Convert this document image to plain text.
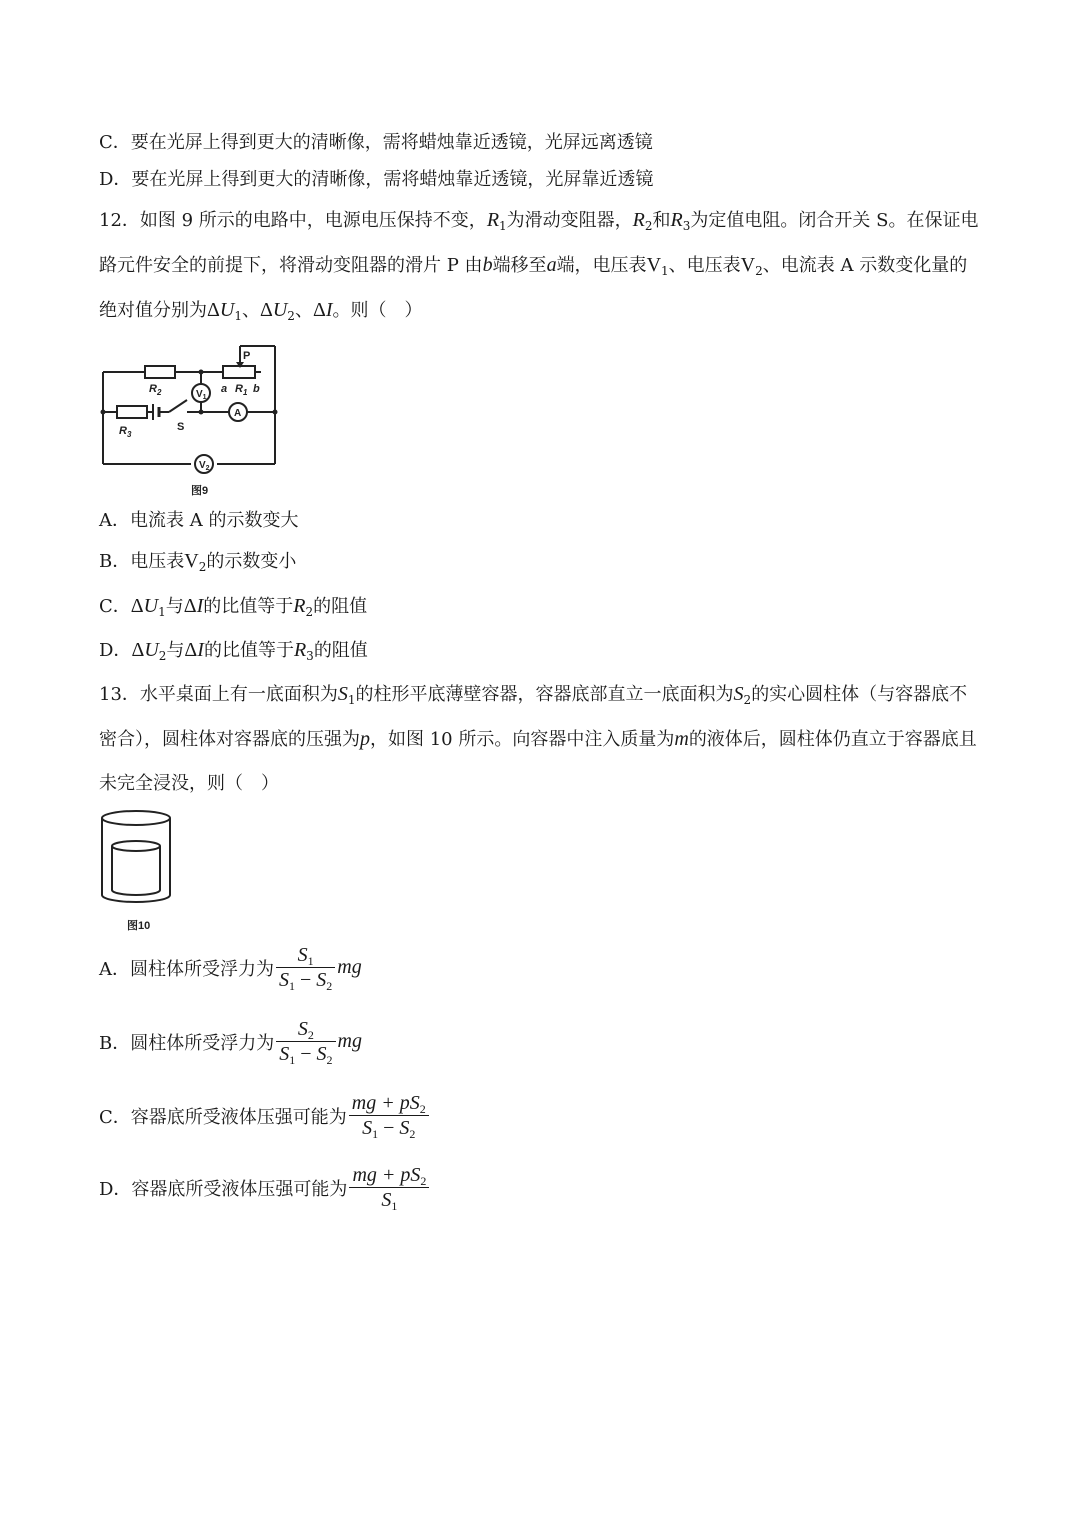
C．要在光屏上得到更大的清晰像，需将蜡烛靠近透镜，光屏远离透镜
D．要在光屏上得到更大的清晰像，需将蜡烛靠近透镜，光屏靠近透镜
12．如图 9 所示的电路中，电源电压保持不变，$R_1$为滑动变阻器，$R_2$和$R_3$为定值电阻。闭合开关 S。在保证电路元件安全的前提下，将滑动变阻器的滑片 P 由b端移至a端，电压表$V_1$、电压表$V_2$、电流表 A 示数变化量的绝对值分别为$\Delta U_1$、$\Delta U_2$、ΔI。则（　）
$R_2$	a $R_1$ b
$R_3$
P
S
$V_1$
A
$V_2$
图9
A．电流表 A 的示数变大
B．电压表$V_2$的示数变小
C．$\Delta U_1$与ΔI的比值等于$R_2$的阻值
D．$\Delta U_2$与ΔI的比值等于$R_3$的阻值
13．水平桌面上有一底面积为$S_1$的柱形平底薄壁容器，容器底部直立一底面积为$S_2$的实心圆柱体（与容器底不密合），圆柱体对容器底的压强为p，如图 10 所示。向容器中注入质量为m的液体后，圆柱体仍直立于容器底且未完全浸没，则（　）
图10
A．圆柱体所受浮力为 $\frac{S_1}{S_1 - S_2}$ mg
B．圆柱体所受浮力为 $\frac{S_2}{S_1 - S_2}$ mg
C．容器底所受液体压强可能为 $\frac{mg + pS_2}{S_1 - S_2}$
D．容器底所受液体压强可能为 $\frac{mg + pS_2}{S_1}$
